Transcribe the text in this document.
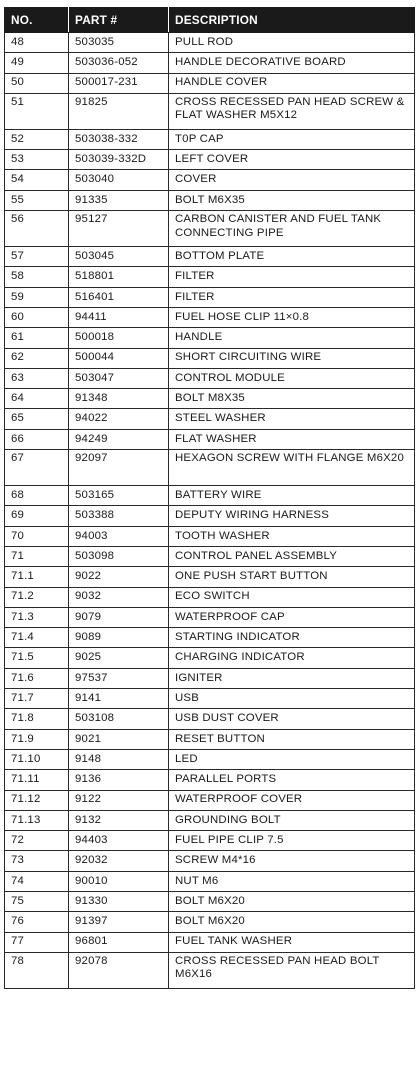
NO.	PART #	DESCRIPTION
48	503035	PULL ROD
49	503036-052	HANDLE DECORATIVE BOARD
50	500017-231	HANDLE COVER
51	91825	CROSS RECESSED PAN HEAD SCREW & FLAT WASHER M5X12
52	503038-332	T0P CAP
53	503039-332D	LEFT COVER
54	503040	COVER
55	91335	BOLT M6X35
56	95127	CARBON CANISTER AND FUEL TANK CONNECTING PIPE
57	503045	BOTTOM PLATE
58	518801	FILTER
59	516401	FILTER
60	94411	FUEL HOSE CLIP 11×0.8
61	500018	HANDLE
62	500044	SHORT CIRCUITING WIRE
63	503047	CONTROL MODULE
64	91348	BOLT M8X35
65	94022	STEEL WASHER
66	94249	FLAT WASHER
67	92097	HEXAGON SCREW WITH FLANGE M6X20
68	503165	BATTERY WIRE
69	503388	DEPUTY WIRING HARNESS
70	94003	TOOTH WASHER
71	503098	CONTROL PANEL ASSEMBLY
71.1	9022	ONE PUSH START BUTTON
71.2	9032	ECO SWITCH
71.3	9079	WATERPROOF CAP
71.4	9089	STARTING INDICATOR
71.5	9025	CHARGING INDICATOR
71.6	97537	IGNITER
71.7	9141	USB
71.8	503108	USB DUST COVER
71.9	9021	RESET BUTTON
71.10	9148	LED
71.11	9136	PARALLEL PORTS
71.12	9122	WATERPROOF COVER
71.13	9132	GROUNDING BOLT
72	94403	FUEL PIPE CLIP 7.5
73	92032	SCREW M4*16
74	90010	NUT M6
75	91330	BOLT M6X20
76	91397	BOLT M6X20
77	96801	FUEL TANK WASHER
78	92078	CROSS RECESSED PAN HEAD BOLT M6X16
